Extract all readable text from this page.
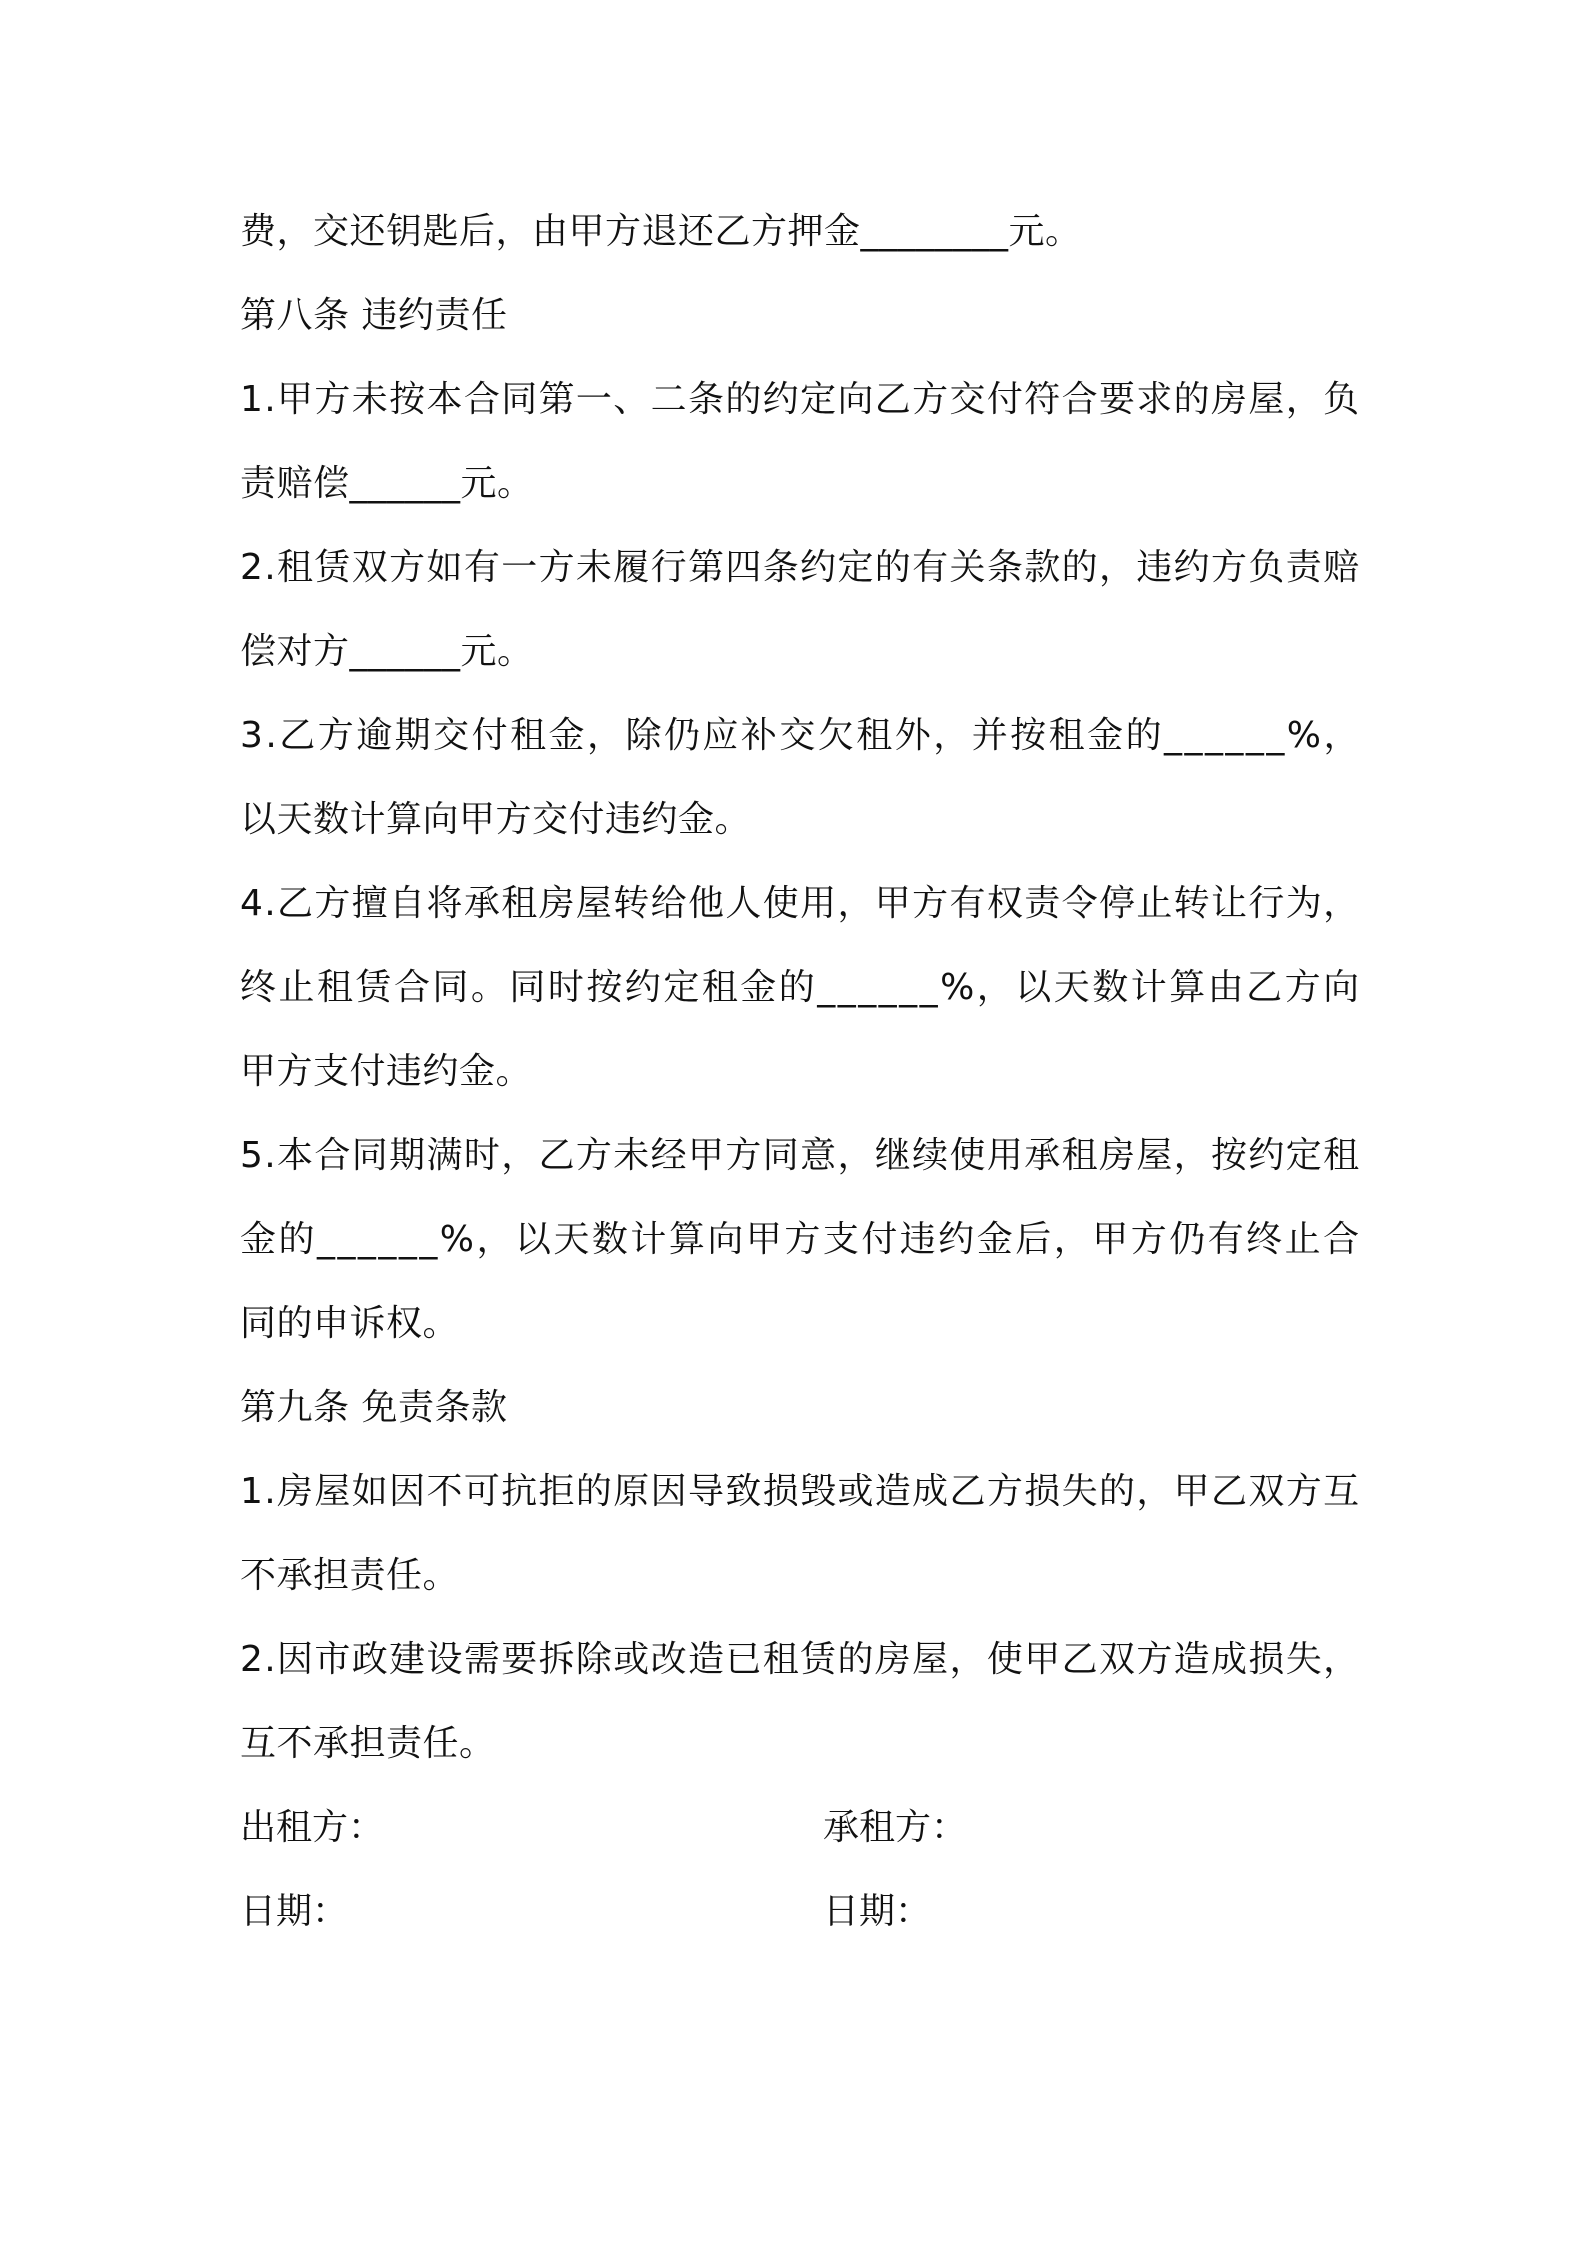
费，交还钥匙后，由甲方退还乙方押金________元。
第八条 违约责任
1 . 甲 方 未 按 本 合 同 第 一 、 二 条 的 约 定 向 乙 方 交 付 符 合 要 求 的 房 屋 ， 负
责赔偿______元。
2 . 租 赁 双 方 如 有 一 方 未 履 行 第 四 条 约 定 的 有 关 条 款 的 ， 违 约 方 负 责 赔
偿对方______元。
3 . 乙 方 逾 期 交 付 租 金 ， 除 仍 应 补 交 欠 租 外 ， 并 按 租 金 的 _ _ _ _ _ _ % ，
以天数计算向甲方交付违约金。
4 . 乙 方 擅 自 将 承 租 房 屋 转 给 他 人 使 用 ， 甲 方 有 权 责 令 停 止 转 让 行 为 ，
终 止 租 赁 合 同 。 同 时 按 约 定 租 金 的 _ _ _ _ _ _ % ， 以 天 数 计 算 由 乙 方 向
甲方支付违约金。
5 . 本 合 同 期 满 时 ， 乙 方 未 经 甲 方 同 意 ， 继 续 使 用 承 租 房 屋 ， 按 约 定 租
金 的 _ _ _ _ _ _ % ， 以 天 数 计 算 向 甲 方 支 付 违 约 金 后 ， 甲 方 仍 有 终 止 合
同的申诉权。
第九条 免责条款
1 . 房 屋 如 因 不 可 抗 拒 的 原 因 导 致 损 毁 或 造 成 乙 方 损 失 的 ， 甲 乙 双 方 互
不承担责任。
2 . 因 市 政 建 设 需 要 拆 除 或 改 造 已 租 赁 的 房 屋 ， 使 甲 乙 双 方 造 成 损 失 ，
互不承担责任。
出租方：	承租方：
日期：	日期：
